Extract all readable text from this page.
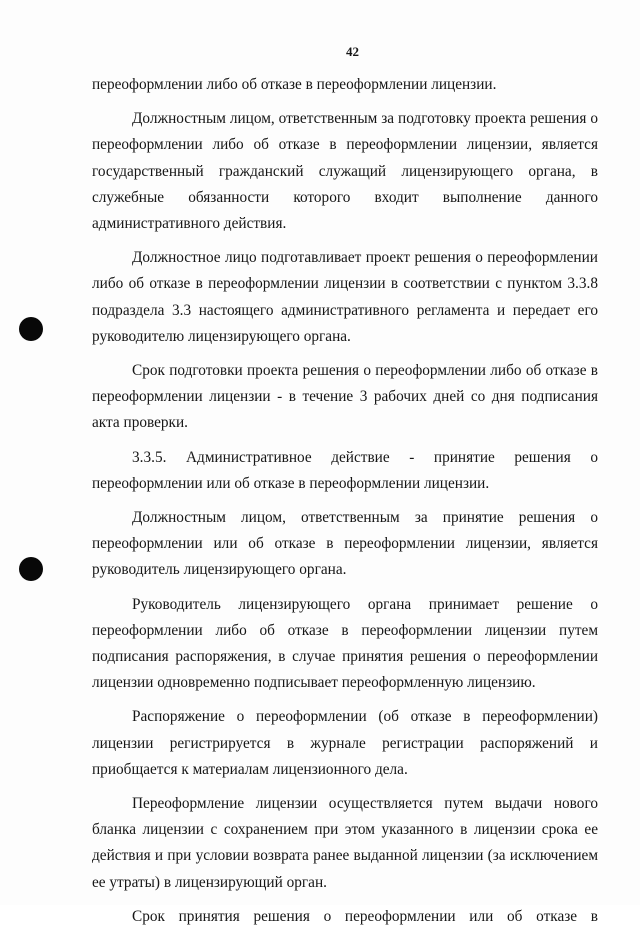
42

переоформлении либо об отказе в переоформлении лицензии.

Должностным лицом, ответственным за подготовку проекта решения о переоформлении либо об отказе в переоформлении лицензии, является государственный гражданский служащий лицензирующего органа, в служебные обязанности которого входит выполнение данного административного действия.

Должностное лицо подготавливает проект решения о переоформлении либо об отказе в переоформлении лицензии в соответствии с пунктом 3.3.8 подраздела 3.3 настоящего административного регламента и передает его руководителю лицензирующего органа.

Срок подготовки проекта решения о переоформлении либо об отказе в переоформлении лицензии - в течение 3 рабочих дней со дня подписания акта проверки.

3.3.5. Административное действие - принятие решения о переоформлении или об отказе в переоформлении лицензии.

Должностным лицом, ответственным за принятие решения о переоформлении или об отказе в переоформлении лицензии, является руководитель лицензирующего органа.

Руководитель лицензирующего органа принимает решение о переоформлении либо об отказе в переоформлении лицензии путем подписания распоряжения, в случае принятия решения о переоформлении лицензии одновременно подписывает переоформленную лицензию.

Распоряжение о переоформлении (об отказе в переоформлении) лицензии регистрируется в журнале регистрации распоряжений и приобщается к материалам лицензионного дела.

Переоформление лицензии осуществляется путем выдачи нового бланка лицензии с сохранением при этом указанного в лицензии срока ее действия и при условии возврата ранее выданной лицензии (за исключением ее утраты) в лицензирующий орган.

Срок принятия решения о переоформлении или об отказе в
